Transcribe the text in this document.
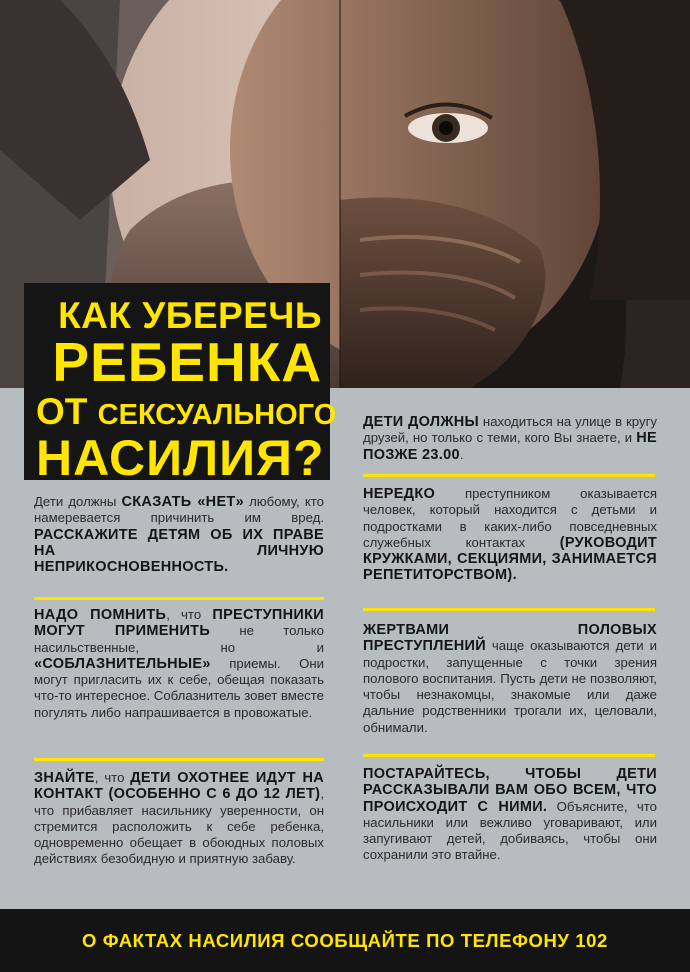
КАК УБЕРЕЧЬ
РЕБЕНКА
ОТ СЕКСУАЛЬНОГО
НАСИЛИЯ?

Дети должны СКАЗАТЬ «НЕТ» любому, кто намеревается причинить им вред. РАССКАЖИТЕ ДЕТЯМ ОБ ИХ ПРАВЕ НА ЛИЧНУЮ НЕПРИКОСНОВЕННОСТЬ.

НАДО ПОМНИТЬ, что ПРЕСТУПНИКИ МОГУТ ПРИМЕНИТЬ не только насильственные, но и «СОБЛАЗНИТЕЛЬНЫЕ» приемы. Они могут пригласить их к себе, обещая показать что-то интересное. Соблазнитель зовет вместе погулять либо напрашивается в провожатые.

ЗНАЙТЕ, что ДЕТИ ОХОТНЕЕ ИДУТ НА КОНТАКТ (ОСОБЕННО С 6 ДО 12 ЛЕТ), что прибавляет насильнику уверенности, он стремится расположить к себе ребенка, одновременно обещает в обоюдных половых действиях безобидную и приятную забаву.

ДЕТИ ДОЛЖНЫ находиться на улице в кругу друзей, но только с теми, кого Вы знаете, и НЕ ПОЗЖЕ 23.00.

НЕРЕДКО преступником оказывается человек, который находится с детьми и подростками в каких-либо повседневных служебных контактах (РУКОВОДИТ КРУЖКАМИ, СЕКЦИЯМИ, ЗАНИМАЕТСЯ РЕПЕТИТОРСТВОМ).

ЖЕРТВАМИ ПОЛОВЫХ ПРЕСТУПЛЕНИЙ чаще оказываются дети и подростки, запущенные с точки зрения полового воспитания. Пусть дети не позволяют, чтобы незнакомцы, знакомые или даже дальние родственники трогали их, целовали, обнимали.

ПОСТАРАЙТЕСЬ, ЧТОБЫ ДЕТИ РАССКАЗЫВАЛИ ВАМ ОБО ВСЕМ, ЧТО ПРОИСХОДИТ С НИМИ. Объясните, что насильники или вежливо уговаривают, или запугивают детей, добиваясь, чтобы они сохранили это втайне.

О ФАКТАХ НАСИЛИЯ СООБЩАЙТЕ ПО ТЕЛЕФОНУ 102
